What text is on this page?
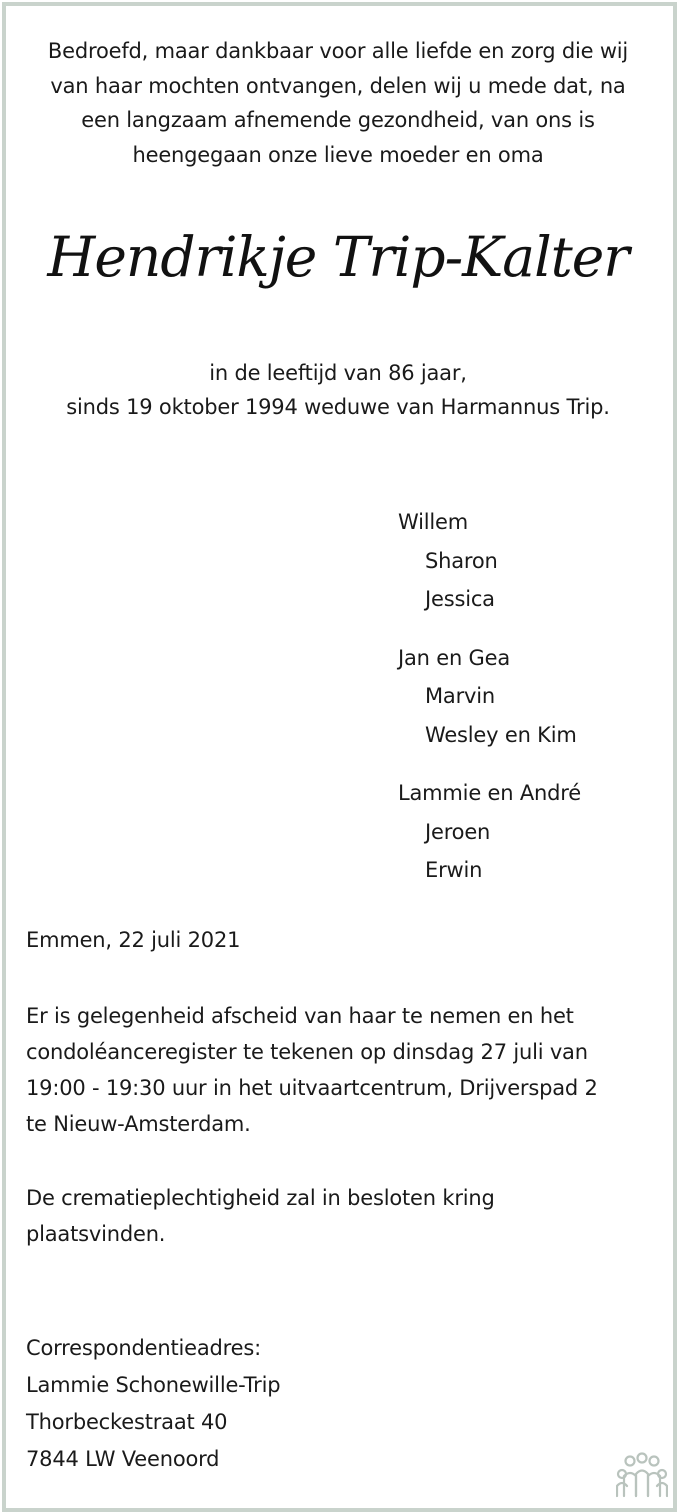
Bedroefd, maar dankbaar voor alle liefde en zorg die wij
van haar mochten ontvangen, delen wij u mede dat, na
een langzaam afnemende gezondheid, van ons is
heengegaan onze lieve moeder en oma
Hendrikje Trip-Kalter
in de leeftijd van 86 jaar,
sinds 19 oktober 1994 weduwe van Harmannus Trip.
Willem
Sharon
Jessica
Jan en Gea
Marvin
Wesley en Kim
Lammie en André
Jeroen
Erwin
Emmen, 22 juli 2021
Er is gelegenheid afscheid van haar te nemen en het
condoléanceregister te tekenen op dinsdag 27 juli van
19:00 - 19:30 uur in het uitvaartcentrum, Drijverspad 2
te Nieuw-Amsterdam.
De crematieplechtigheid zal in besloten kring
plaatsvinden.
Correspondentieadres:
Lammie Schonewille-Trip
Thorbeckestraat 40
7844 LW Veenoord
